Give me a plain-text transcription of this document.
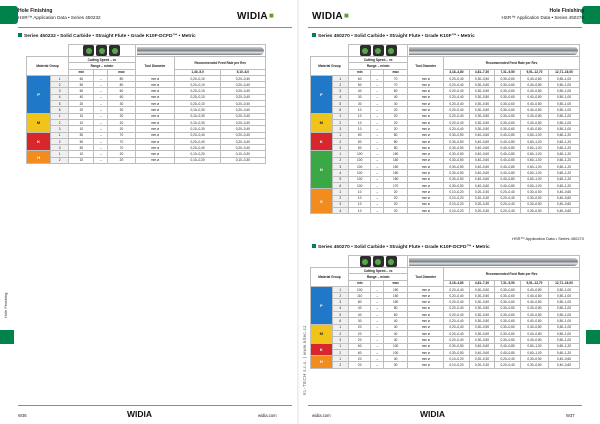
Hole Finishing
HSR™ Application Data • Series 450232	WIDIA■
Series 450232 • Solid Carbide • Straight Flute • Grade K10F-DCFD™ • Metric

Material Group		Cutting Speed – vc			Tool Diameter	Recommended Feed Rate per Rev	
		Range – m/min					
		min		max		1,40–5,0	5,10–6,0
P	1	60	–	80	mm ø	0,20–0,10	0,20–0,40
	2	50	–	80	mm ø	0,20–0,10	0,20–0,40
	3	50	–	60	mm ø	0,20–0,10	0,20–0,40
	4	40	–	60	mm ø	0,20–0,10	0,20–0,40
	5	20	–	30	mm ø	0,20–0,10	0,20–0,40
	6	20	–	30	mm ø	0,10–0,30	0,20–0,40
M	1	10	–	20	mm ø	0,10–0,30	0,20–0,40
	2	10	–	20	mm ø	0,10–0,30	0,20–0,40
	3	10	–	20	mm ø	0,10–0,30	0,20–0,40
K	1	50	–	70	mm ø	0,20–0,40	0,20–0,40
	2	50	–	70	mm ø	0,20–0,40	0,20–0,40
	3	50	–	70	mm ø	0,20–0,40	0,20–0,40
H	1	10	–	20	mm ø	0,10–0,20	0,10–0,30
	2	10	–	20	mm ø	0,10–0,20	0,10–0,30
Hole Finishing
W36	WIDIA	widia.com
Hole Finishing
HSR™ Application Data • Series 450270
WIDIA■
Series 450270 • Solid Carbide • Straight Flute • Grade K10F™ • Metric

Material Group		Cutting Speed – vc			Tool Diameter	Recommended Feed Rate per Rev				
		Range – m/min								
		min		max		3,18–4,80	4,81–7,30	7,31–9,50	9,51–12,70	12,71–16,00
P	1	60	–	70	mm ø	0,20–0,40	0,30–0,50	0,30–0,60	0,40–0,80	0,50–1,00
	2	60	–	70	mm ø	0,20–0,40	0,30–0,50	0,30–0,60	0,40–0,80	0,50–1,00
	3	40	–	60	mm ø	0,20–0,40	0,30–0,50	0,30–0,60	0,40–0,80	0,50–1,00
	4	30	–	40	mm ø	0,20–0,40	0,30–0,50	0,30–0,60	0,40–0,80	0,50–1,00
	5	30	–	40	mm ø	0,20–0,40	0,30–0,50	0,30–0,60	0,40–0,80	0,50–1,00
	6	10	–	20	mm ø	0,20–0,40	0,30–0,50	0,30–0,60	0,40–0,80	0,50–1,00
M	1	10	–	20	mm ø	0,20–0,40	0,30–0,50	0,30–0,60	0,40–0,80	0,50–1,00
	2	10	–	20	mm ø	0,20–0,40	0,30–0,50	0,30–0,60	0,40–0,80	0,50–1,00
	3	10	–	20	mm ø	0,20–0,40	0,30–0,50	0,30–0,60	0,40–0,80	0,50–1,00
K	1	50	–	80	mm ø	0,30–0,50	0,40–0,60	0,40–0,80	0,60–1,00	0,60–1,20
	2	50	–	80	mm ø	0,30–0,50	0,40–0,60	0,40–0,80	0,60–1,00	0,60–1,20
	3	50	–	80	mm ø	0,30–0,50	0,40–0,60	0,40–0,80	0,60–1,00	0,60–1,20
N	1	100	–	150	mm ø	0,30–0,50	0,40–0,60	0,40–0,80	0,60–1,00	0,60–1,20
	2	100	–	150	mm ø	0,30–0,50	0,40–0,60	0,40–0,80	0,60–1,00	0,60–1,20
	3	100	–	150	mm ø	0,30–0,50	0,40–0,60	0,40–0,80	0,60–1,00	0,60–1,20
	4	100	–	150	mm ø	0,30–0,50	0,40–0,60	0,40–0,80	0,60–1,00	0,60–1,20
	5	100	–	150	mm ø	0,30–0,50	0,40–0,60	0,40–0,80	0,60–1,00	0,60–1,20
	6	100	–	170	mm ø	0,30–0,50	0,40–0,60	0,40–0,80	0,60–1,00	0,60–1,20
S	1	10	–	20	mm ø	0,10–0,20	0,20–0,30	0,20–0,40	0,30–0,50	0,40–0,60
	2	10	–	20	mm ø	0,10–0,20	0,20–0,30	0,20–0,40	0,30–0,50	0,40–0,60
	3	10	–	20	mm ø	0,10–0,20	0,20–0,30	0,20–0,40	0,30–0,50	0,40–0,60
	4	10	–	20	mm ø	0,10–0,20	0,20–0,30	0,20–0,40	0,30–0,50	0,40–0,60
HSR™ Application Data • Series 450270
Series 450270 • Solid Carbide • Straight Flute • Grade K10F-DCFD™ • Metric

Material Group		Cutting Speed – vc			Tool Diameter	Recommended Feed Rate per Rev				
		Range – m/min								
		min		max		3,18–4,80	4,81–7,30	7,31–9,50	9,51–12,70	12,71–16,00
P	1	100	–	150	mm ø	0,20–0,40	0,30–0,50	0,30–0,60	0,40–0,80	0,50–1,00
	2	110	–	150	mm ø	0,20–0,40	0,30–0,50	0,30–0,60	0,40–0,80	0,50–1,00
	3	80	–	150	mm ø	0,20–0,40	0,30–0,50	0,30–0,60	0,40–0,80	0,50–1,00
	4	40	–	80	mm ø	0,20–0,40	0,30–0,50	0,30–0,60	0,40–0,80	0,50–1,00
	5	40	–	60	mm ø	0,20–0,40	0,30–0,50	0,30–0,60	0,40–0,80	0,50–1,00
	6	30	–	40	mm ø	0,20–0,40	0,30–0,50	0,30–0,60	0,40–0,80	0,50–1,00
M	1	20	–	40	mm ø	0,20–0,40	0,30–0,50	0,30–0,60	0,40–0,80	0,50–1,00
	2	20	–	40	mm ø	0,20–0,40	0,30–0,50	0,30–0,60	0,40–0,80	0,50–1,00
	3	20	–	40	mm ø	0,20–0,40	0,30–0,50	0,30–0,60	0,40–0,80	0,50–1,00
K	1	60	–	100	mm ø	0,30–0,50	0,40–0,60	0,40–0,80	0,60–1,00	0,60–1,20
	2	60	–	100	mm ø	0,30–0,50	0,40–0,60	0,40–0,80	0,60–1,00	0,60–1,20
H	1	20	–	40	mm ø	0,10–0,20	0,20–0,30	0,20–0,40	0,30–0,50	0,40–0,60
	2	20	–	30	mm ø	0,10–0,20	0,20–0,30	0,20–0,40	0,30–0,50	0,40–0,60
KL-TECH s.r.o. | www.kltec.cz
widia.com	WIDIA	W37
